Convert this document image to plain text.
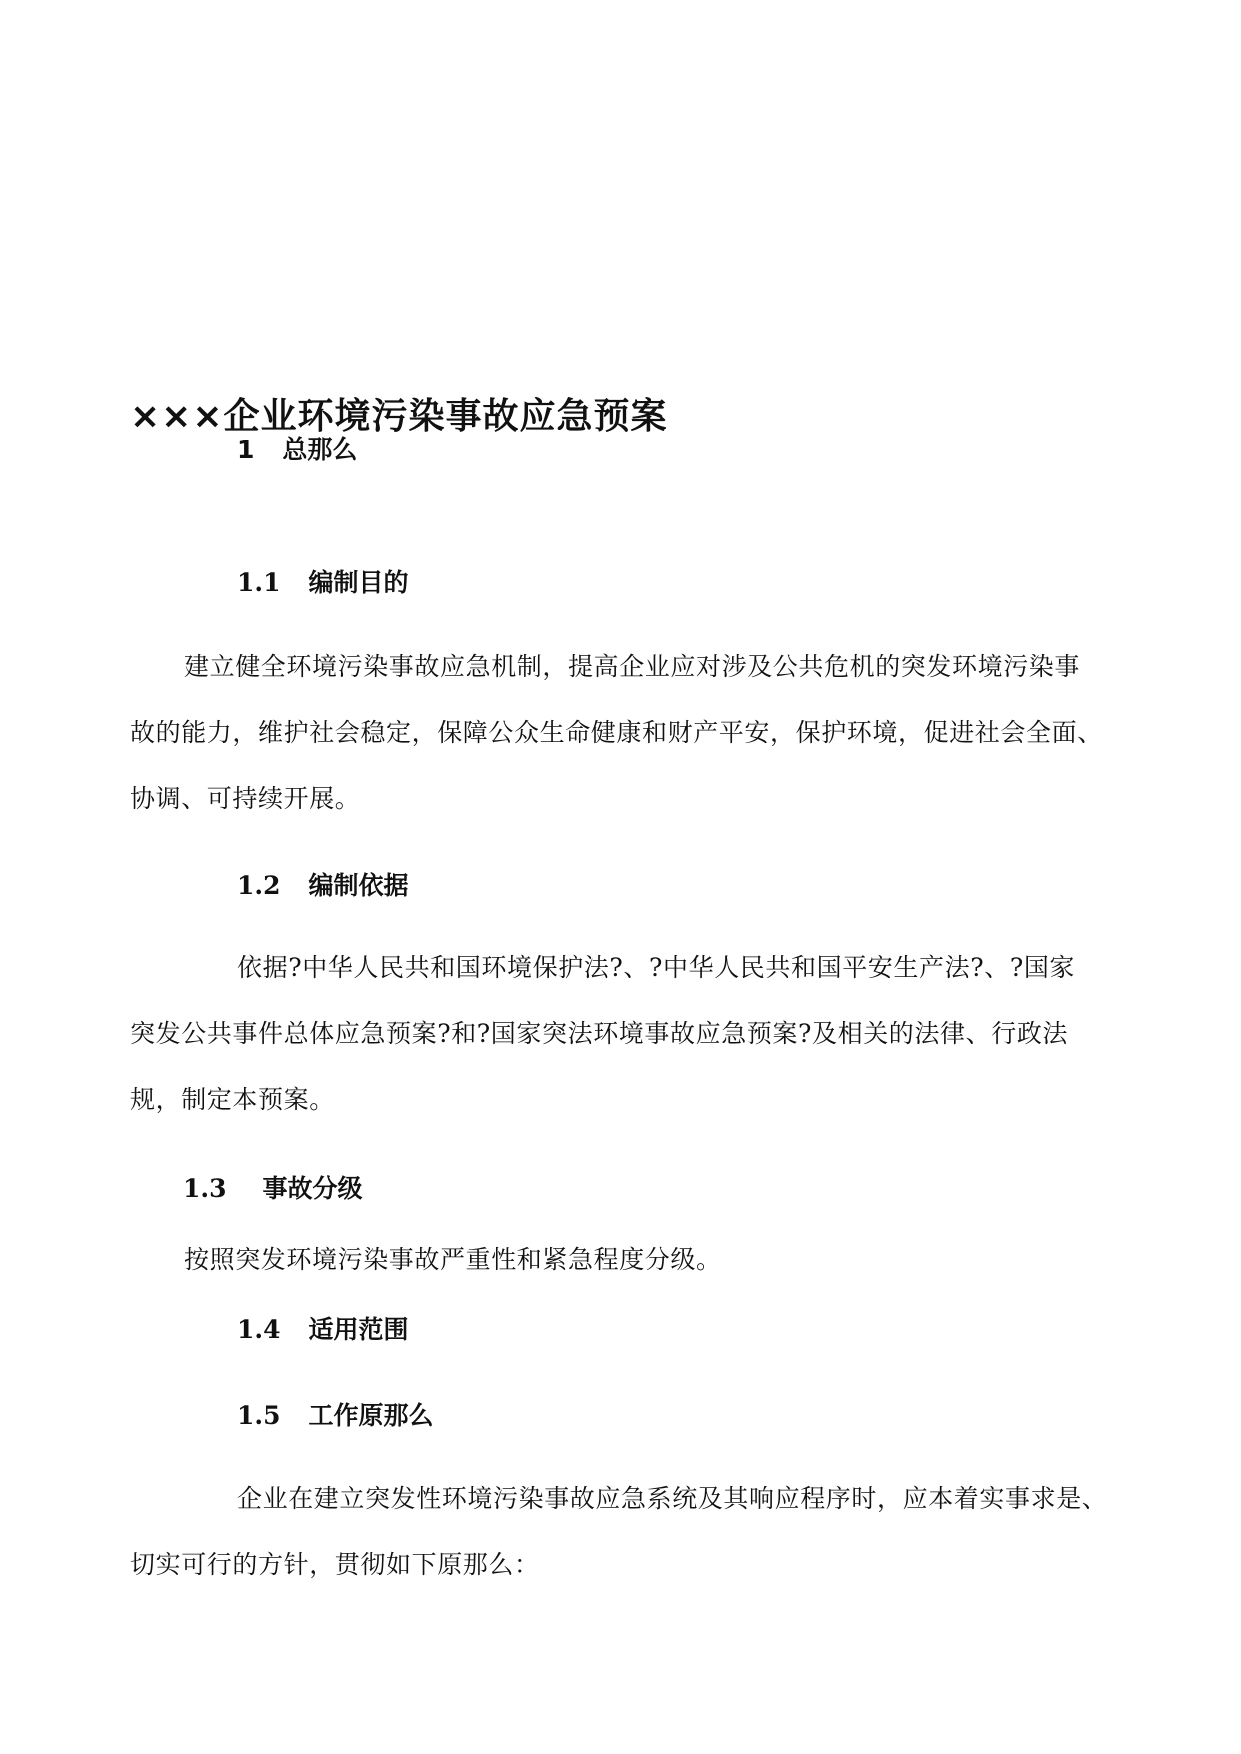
×××企业环境污染事故应急预案
1 总那么
1.1 编制目的
建立健全环境污染事故应急机制，提高企业应对涉及公共危机的突发环境污染事
故的能力，维护社会稳定，保障公众生命健康和财产平安，保护环境，促进社会全面、
协调、可持续开展。
1.2 编制依据
依据?中华人民共和国环境保护法?、?中华人民共和国平安生产法?、?国家
突发公共事件总体应急预案?和?国家突法环境事故应急预案?及相关的法律、行政法
规，制定本预案。
1.3 事故分级
按照突发环境污染事故严重性和紧急程度分级。
1.4 适用范围
1.5 工作原那么
企业在建立突发性环境污染事故应急系统及其响应程序时，应本着实事求是、
切实可行的方针，贯彻如下原那么：
